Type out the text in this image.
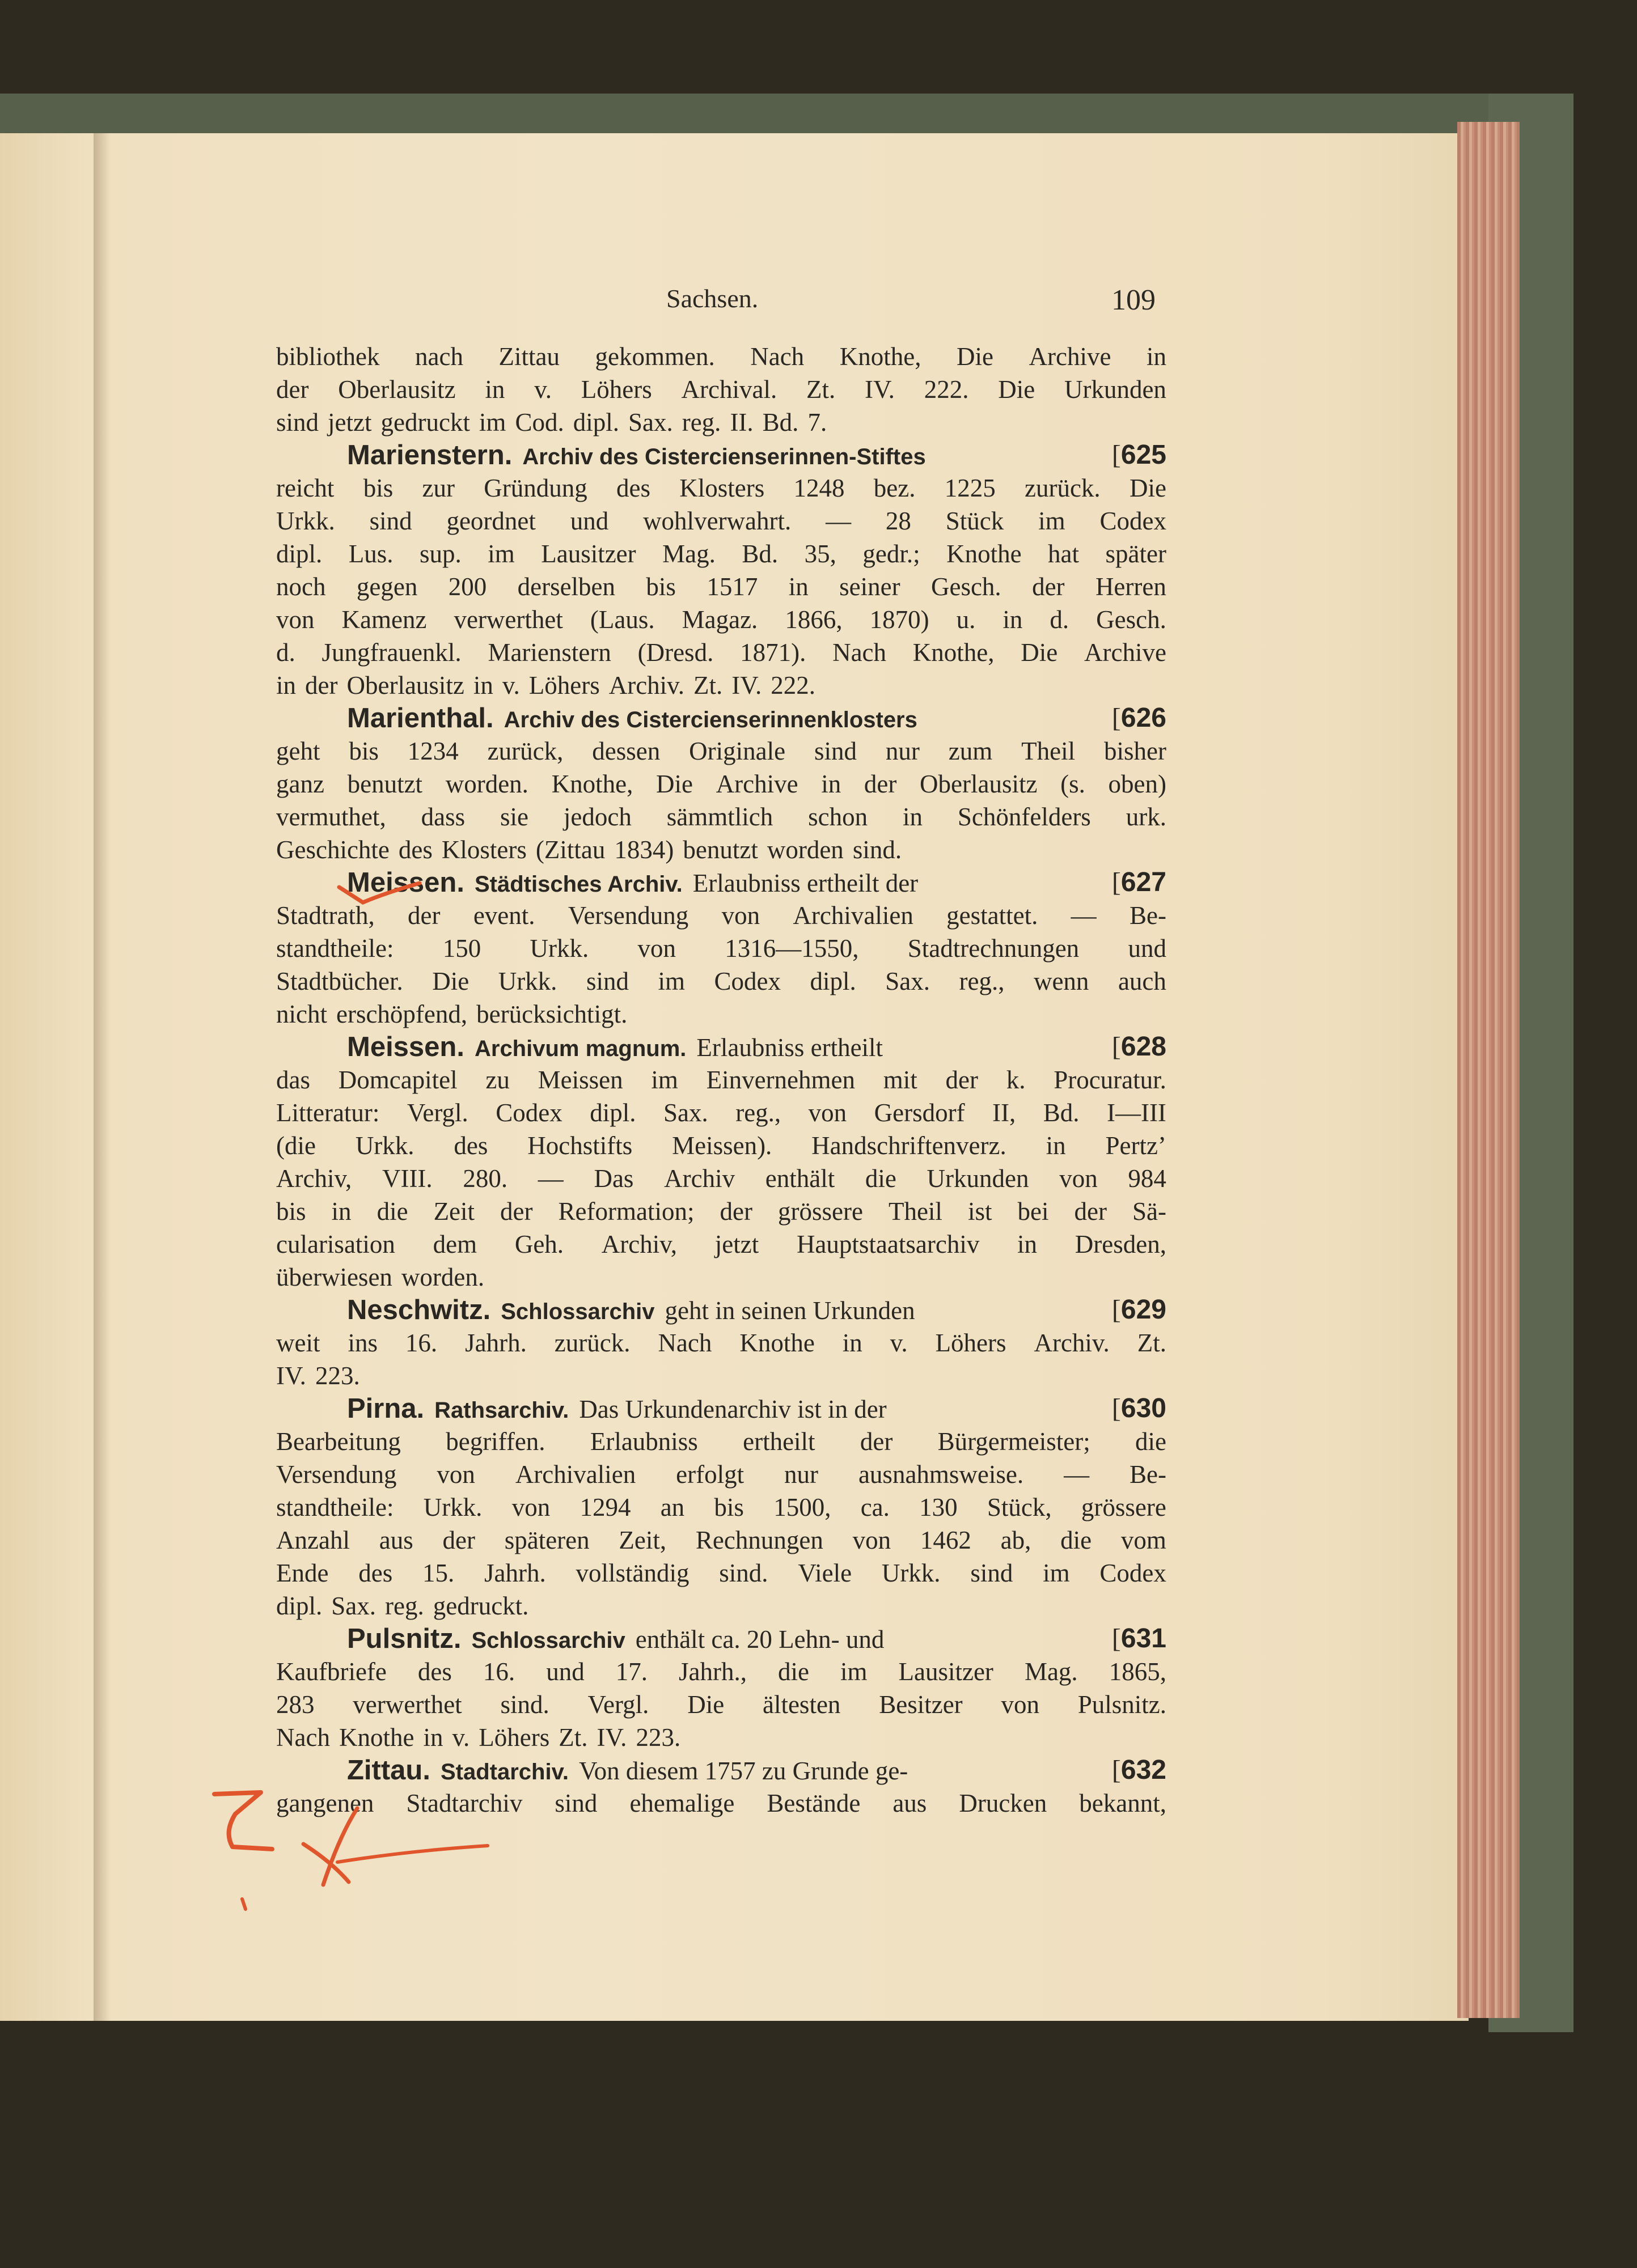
Sachsen.	109
bibliothek nach Zittau gekommen. Nach Knothe, Die Archive in
der Oberlausitz in v. Löhers Archival. Zt. IV. 222. Die Urkunden
sind jetzt gedruckt im Cod. dipl. Sax. reg. II. Bd. 7.
Marienstern. Archiv des Cistercienserinnen-Stiftes	[ 625
reicht bis zur Gründung des Klosters 1248 bez. 1225 zurück. Die
Urkk. sind geordnet und wohlverwahrt. — 28 Stück im Codex
dipl. Lus. sup. im Lausitzer Mag. Bd. 35, gedr.; Knothe hat später
noch gegen 200 derselben bis 1517 in seiner Gesch. der Herren
von Kamenz verwerthet (Laus. Magaz. 1866, 1870) u. in d. Gesch.
d. Jungfrauenkl. Marienstern (Dresd. 1871). Nach Knothe, Die Archive
in der Oberlausitz in v. Löhers Archiv. Zt. IV. 222.
Marienthal. Archiv des Cistercienserinnenklosters	[ 626
geht bis 1234 zurück, dessen Originale sind nur zum Theil bisher
ganz benutzt worden. Knothe, Die Archive in der Oberlausitz (s. oben)
vermuthet, dass sie jedoch sämmtlich schon in Schönfelders urk.
Geschichte des Klosters (Zittau 1834) benutzt worden sind.
Meissen. Städtisches Archiv. Erlaubniss ertheilt der	[ 627
Stadtrath, der event. Versendung von Archivalien gestattet. — Be-
standtheile: 150 Urkk. von 1316—1550, Stadtrechnungen und
Stadtbücher. Die Urkk. sind im Codex dipl. Sax. reg., wenn auch
nicht erschöpfend, berücksichtigt.
Meissen. Archivum magnum. Erlaubniss ertheilt	[ 628
das Domcapitel zu Meissen im Einvernehmen mit der k. Procuratur.
Litteratur: Vergl. Codex dipl. Sax. reg., von Gersdorf II, Bd. I—III
(die Urkk. des Hochstifts Meissen). Handschriftenverz. in Pertz’
Archiv, VIII. 280. — Das Archiv enthält die Urkunden von 984
bis in die Zeit der Reformation; der grössere Theil ist bei der Sä-
cularisation dem Geh. Archiv, jetzt Hauptstaatsarchiv in Dresden,
überwiesen worden.
Neschwitz. Schlossarchiv geht in seinen Urkunden	[ 629
weit ins 16. Jahrh. zurück. Nach Knothe in v. Löhers Archiv. Zt.
IV. 223.
Pirna. Rathsarchiv. Das Urkundenarchiv ist in der	[ 630
Bearbeitung begriffen. Erlaubniss ertheilt der Bürgermeister; die
Versendung von Archivalien erfolgt nur ausnahmsweise. — Be-
standtheile: Urkk. von 1294 an bis 1500, ca. 130 Stück, grössere
Anzahl aus der späteren Zeit, Rechnungen von 1462 ab, die vom
Ende des 15. Jahrh. vollständig sind. Viele Urkk. sind im Codex
dipl. Sax. reg. gedruckt.
Pulsnitz. Schlossarchiv enthält ca. 20 Lehn- und	[ 631
Kaufbriefe des 16. und 17. Jahrh., die im Lausitzer Mag. 1865,
283 verwerthet sind. Vergl. Die ältesten Besitzer von Pulsnitz.
Nach Knothe in v. Löhers Zt. IV. 223.
Zittau. Stadtarchiv. Von diesem 1757 zu Grunde ge-	[ 632
gangenen Stadtarchiv sind ehemalige Bestände aus Drucken bekannt,
